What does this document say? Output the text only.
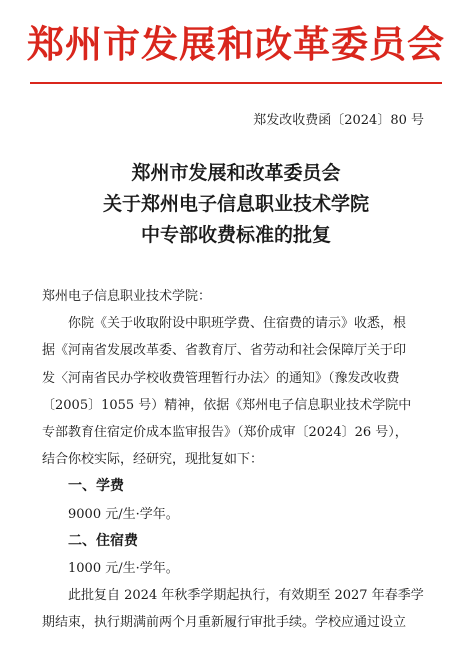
郑州市发展和改革委员会
郑发改收费函〔2024〕80 号
郑州市发展和改革委员会
关于郑州电子信息职业技术学院
中专部收费标准的批复
郑州电子信息职业技术学院：
你院《关于收取附设中职班学费、住宿费的请示》收悉，根
据《河南省发展改革委、省教育厅、省劳动和社会保障厅关于印
发〈河南省民办学校收费管理暂行办法〉的通知》（豫发改收费
〔2005〕1055 号）精神，依据《郑州电子信息职业技术学院中
专部教育住宿定价成本监审报告》（郑价成审〔2024〕26 号），
结合你校实际，经研究，现批复如下：
一、学费
9000 元/生·学年。
二、住宿费
1000 元/生·学年。
此批复自 2024 年秋季学期起执行，有效期至 2027 年春季学
期结束，执行期满前两个月重新履行审批手续。学校应通过设立
